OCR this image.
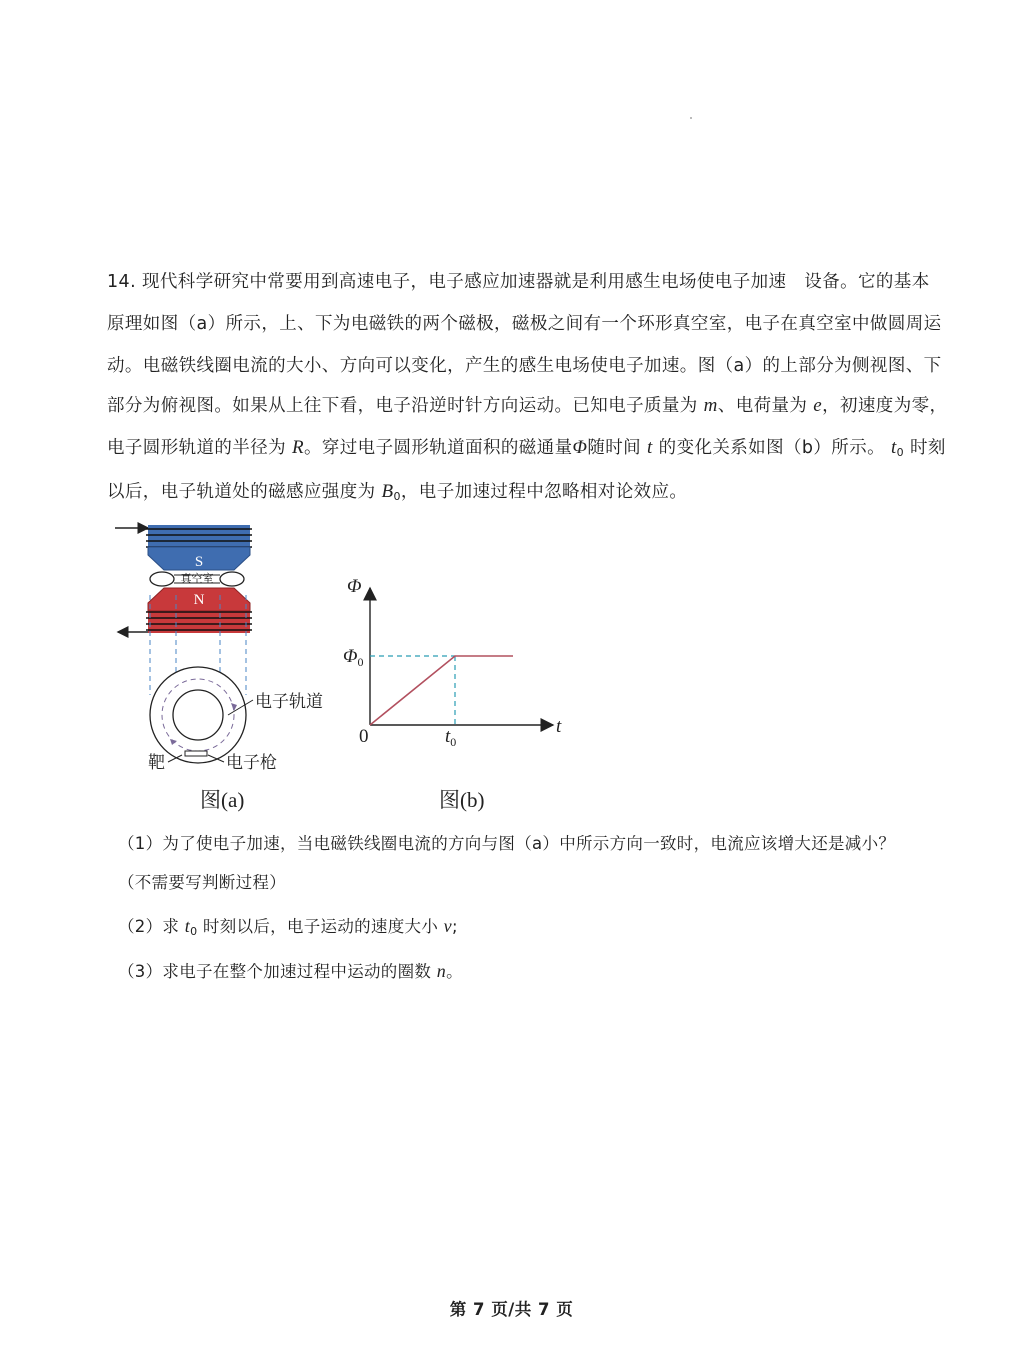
14. 现代科学研究中常要用到高速电子，电子感应加速器就是利用感生电场使电子加速　设备。它的基本
原理如图（a）所示，上、下为电磁铁的两个磁极，磁极之间有一个环形真空室，电子在真空室中做圆周运
动。电磁铁线圈电流的大小、方向可以变化，产生的感生电场使电子加速。图（a）的上部分为侧视图、下
部分为俯视图。如果从上往下看，电子沿逆时针方向运动。已知电子质量为 m、电荷量为 e，初速度为零，
电子圆形轨道的半径为 R。穿过电子圆形轨道面积的磁通量Φ随时间 t 的变化关系如图（b）所示。 $t_0$ 时刻
以后，电子轨道处的磁感应强度为 $B_0$，电子加速过程中忽略相对论效应。
S
真空室
N
电子轨道
靶	电子枪
图(a)
Φ
$\Phi_0$
0	t
$t_0$
图(b)
（1）为了使电子加速，当电磁铁线圈电流的方向与图（a）中所示方向一致时，电流应该增大还是减小？
（不需要写判断过程）
（2）求 $t_0$ 时刻以后，电子运动的速度大小 v;
（3）求电子在整个加速过程中运动的圈数 n。
第 7 页/共 7 页
